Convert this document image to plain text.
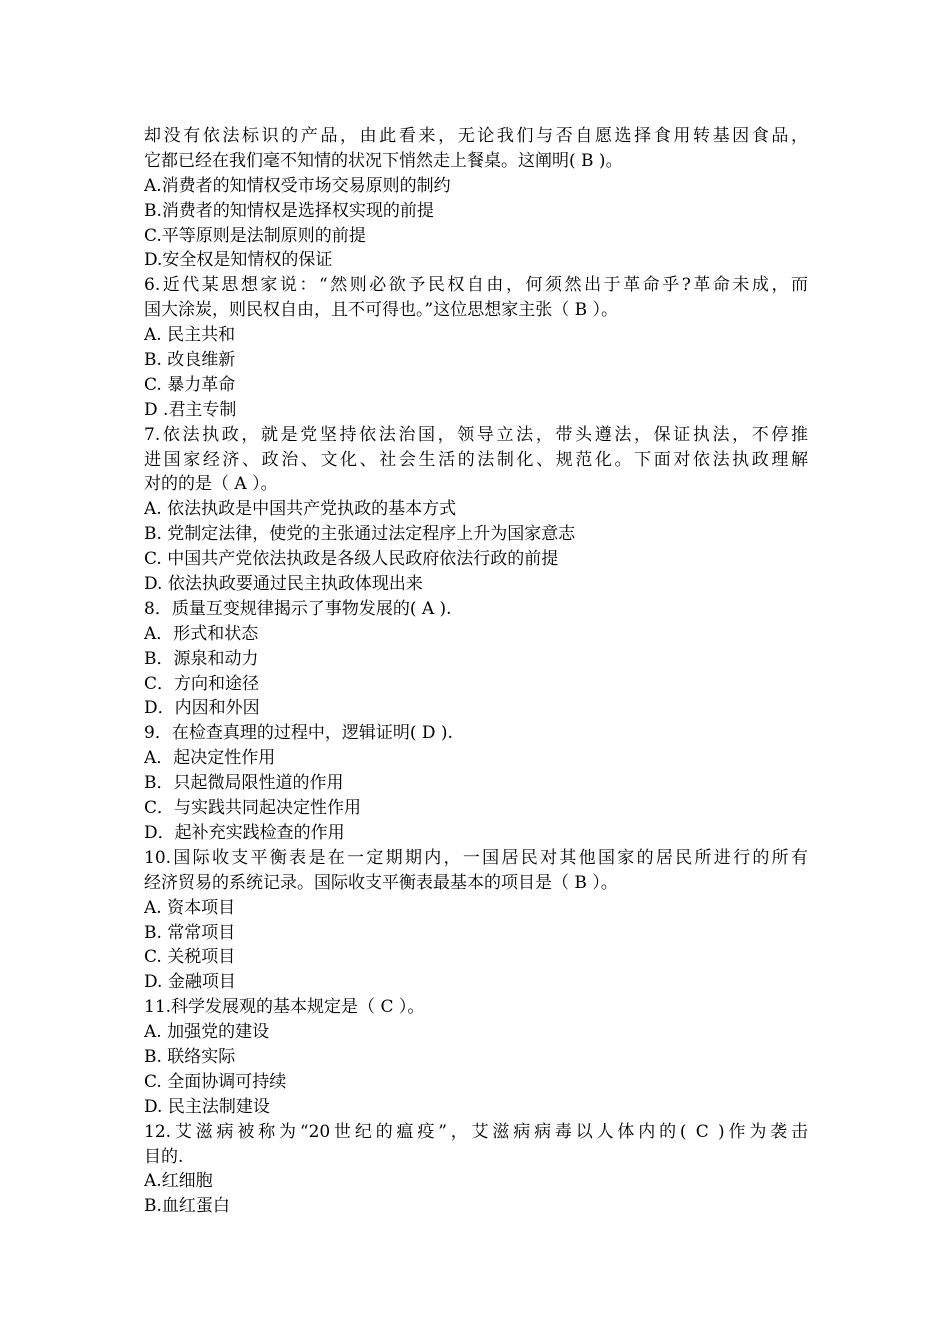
却没有依法标识的产品，由此看来，无论我们与否自愿选择食用转基因食品，
它都已经在我们毫不知情的状况下悄然走上餐桌。这阐明( B )。
A.消费者的知情权受市场交易原则的制约
B.消费者的知情权是选择权实现的前提
C.平等原则是法制原则的前提
D.安全权是知情权的保证
6.近代某思想家说：“然则必欲予民权自由，何须然出于革命乎?革命未成，而
国大涂炭，则民权自由，且不可得也。”这位思想家主张（ B ）。
A. 民主共和
B. 改良维新
C. 暴力革命
D .君主专制
7.依法执政，就是党坚持依法治国，领导立法，带头遵法，保证执法，不停推
进国家经济、政治、文化、社会生活的法制化、规范化。下面对依法执政理解
对的的是（ A ）。
A. 依法执政是中国共产党执政的基本方式
B. 党制定法律，使党的主张通过法定程序上升为国家意志
C. 中国共产党依法执政是各级人民政府依法行政的前提
D. 依法执政要通过民主执政体现出来
8．质量互变规律揭示了事物发展的( A ).
A．形式和状态
B．源泉和动力
C．方向和途径
D．内因和外因
9．在检查真理的过程中，逻辑证明( D ).
A．起决定性作用
B．只起微局限性道的作用
C．与实践共同起决定性作用
D．起补充实践检查的作用
10.国际收支平衡表是在一定期期内，一国居民对其他国家的居民所进行的所有
经济贸易的系统记录。国际收支平衡表最基本的项目是（ B ）。
A. 资本项目
B. 常常项目
C. 关税项目
D. 金融项目
11.科学发展观的基本规定是（ C ）。
A. 加强党的建设
B. 联络实际
C. 全面协调可持续
D. 民主法制建设
12.艾滋病被称为“20世纪的瘟疫”，艾滋病病毒以人体内的( C )作为袭击
目的.
A.红细胞
B.血红蛋白
